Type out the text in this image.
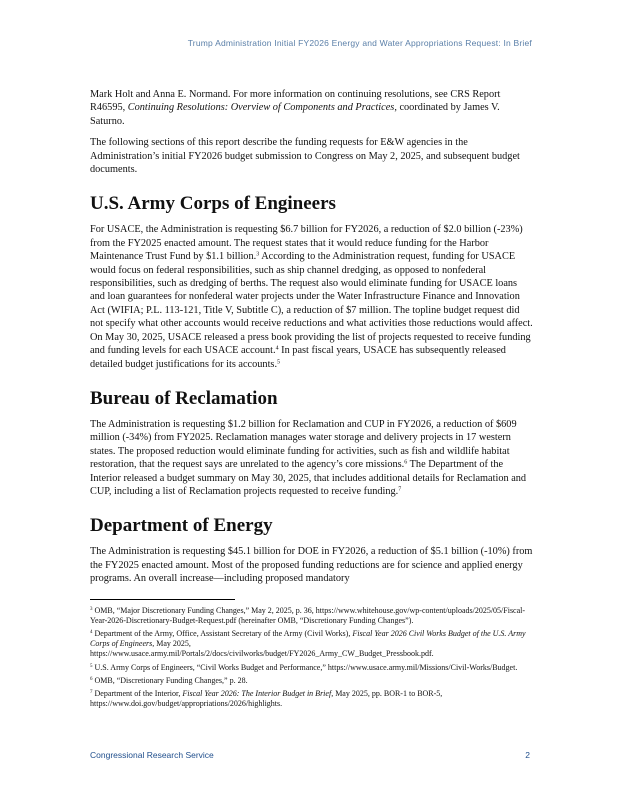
Trump Administration Initial FY2026 Energy and Water Appropriations Request: In Brief

Mark Holt and Anna E. Normand. For more information on continuing resolutions, see CRS Report R46595, Continuing Resolutions: Overview of Components and Practices, coordinated by James V. Saturno.

The following sections of this report describe the funding requests for E&W agencies in the Administration’s initial FY2026 budget submission to Congress on May 2, 2025, and subsequent budget documents.

U.S. Army Corps of Engineers

For USACE, the Administration is requesting $6.7 billion for FY2026, a reduction of $2.0 billion (-23%) from the FY2025 enacted amount. The request states that it would reduce funding for the Harbor Maintenance Trust Fund by $1.1 billion.$^3$ According to the Administration request, funding for USACE would focus on federal responsibilities, such as ship channel dredging, as opposed to nonfederal responsibilities, such as dredging of berths. The request also would eliminate funding for USACE loans and loan guarantees for nonfederal water projects under the Water Infrastructure Finance and Innovation Act (WIFIA; P.L. 113-121, Title V, Subtitle C), a reduction of $7 million. The topline budget request did not specify what other accounts would receive reductions and what activities those reductions would affect. On May 30, 2025, USACE released a press book providing the list of projects requested to receive funding and funding levels for each USACE account.$^4$ In past fiscal years, USACE has subsequently released detailed budget justifications for its accounts.$^5$

Bureau of Reclamation

The Administration is requesting $1.2 billion for Reclamation and CUP in FY2026, a reduction of $609 million (-34%) from FY2025. Reclamation manages water storage and delivery projects in 17 western states. The proposed reduction would eliminate funding for activities, such as fish and wildlife habitat restoration, that the request says are unrelated to the agency’s core missions.$^6$ The Department of the Interior released a budget summary on May 30, 2025, that includes additional details for Reclamation and CUP, including a list of Reclamation projects requested to receive funding.$^7$

Department of Energy

The Administration is requesting $45.1 billion for DOE in FY2026, a reduction of $5.1 billion (-10%) from the FY2025 enacted amount. Most of the proposed funding reductions are for science and applied energy programs. An overall increase—including proposed mandatory

$^3$ OMB, “Major Discretionary Funding Changes,” May 2, 2025, p. 36, https://www.whitehouse.gov/wp-content/uploads/2025/05/Fiscal-Year-2026-Discretionary-Budget-Request.pdf (hereinafter OMB, “Discretionary Funding Changes”).

$^4$ Department of the Army, Office, Assistant Secretary of the Army (Civil Works), Fiscal Year 2026 Civil Works Budget of the U.S. Army Corps of Engineers, May 2025, https://www.usace.army.mil/Portals/2/docs/civilworks/budget/FY2026_Army_CW_Budget_Pressbook.pdf.

$^5$ U.S. Army Corps of Engineers, “Civil Works Budget and Performance,” https://www.usace.army.mil/Missions/Civil-Works/Budget.

$^6$ OMB, “Discretionary Funding Changes,” p. 28.

$^7$ Department of the Interior, Fiscal Year 2026: The Interior Budget in Brief, May 2025, pp. BOR-1 to BOR-5, https://www.doi.gov/budget/appropriations/2026/highlights.

Congressional Research Service	2
